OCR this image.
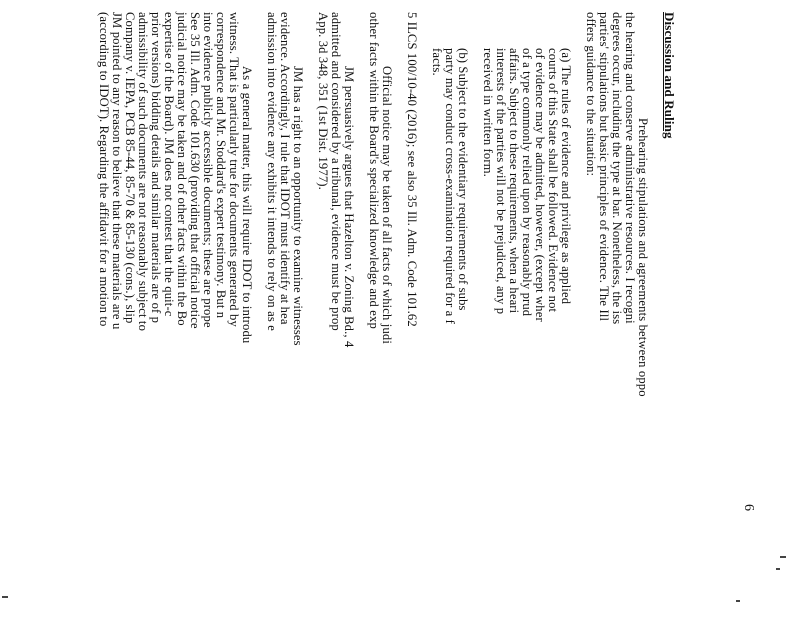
6
Discussion and Ruling
Prehearing stipulations and agreements between oppo
the hearing and conserve administrative resources. I recogni
degrees occur, including the type at bar. Nonetheless, the iss
parties' stipulations but basic principles of evidence. The Ill
offers guidance to the situation:
(a) The rules of evidence and privilege as applied
courts of this State shall be followed. Evidence not
of evidence may be admitted, however, (except wher
of a type commonly relied upon by reasonably prud
affairs. Subject to these requirements, when a heari
interests of the parties will not be prejudiced, any p
received in written form.
(b) Subject to the evidentiary requirements of subs
party may conduct cross-examination required for a f
facts.
5 ILCS 100/10-40 (2016); see also 35 Ill. Adm. Code 101.62
Official notice may be taken of all facts of which judi
other facts within the Board's specialized knowledge and exp
JM persuasively argues that Hazelton v. Zoning Bd., 4
admitted and considered by a tribunal, evidence must be prop
App. 3d 348, 351 (1st Dist. 1977).
JM has a right to an opportunity to examine witnesses
evidence. Accordingly, I rule that IDOT must identify at hea
admission into evidence any exhibits it intends to rely on as e
As a general matter, this will require IDOT to introdu
witness. That is particularly true for documents generated by
correspondence and Mr. Stoddard's expert testimony. But n
into evidence publicly accessible documents; these are prope
See 35 Ill. Adm. Code 101.630 (providing that official notice
judicial notice may be taken and of other facts within the Bo
expertise of the Board). JM does not contest that the quit-c
prior versions) bidding details and similar materials are of p
admissibility of such documents are not reasonably subject to
Company v. IEPA, PCB 85-44, 85-70 & 85-130 (cons.), slip
JM pointed to any reason to believe that these materials are u
(according to IDOT). Regarding the affidavit for a motion to
